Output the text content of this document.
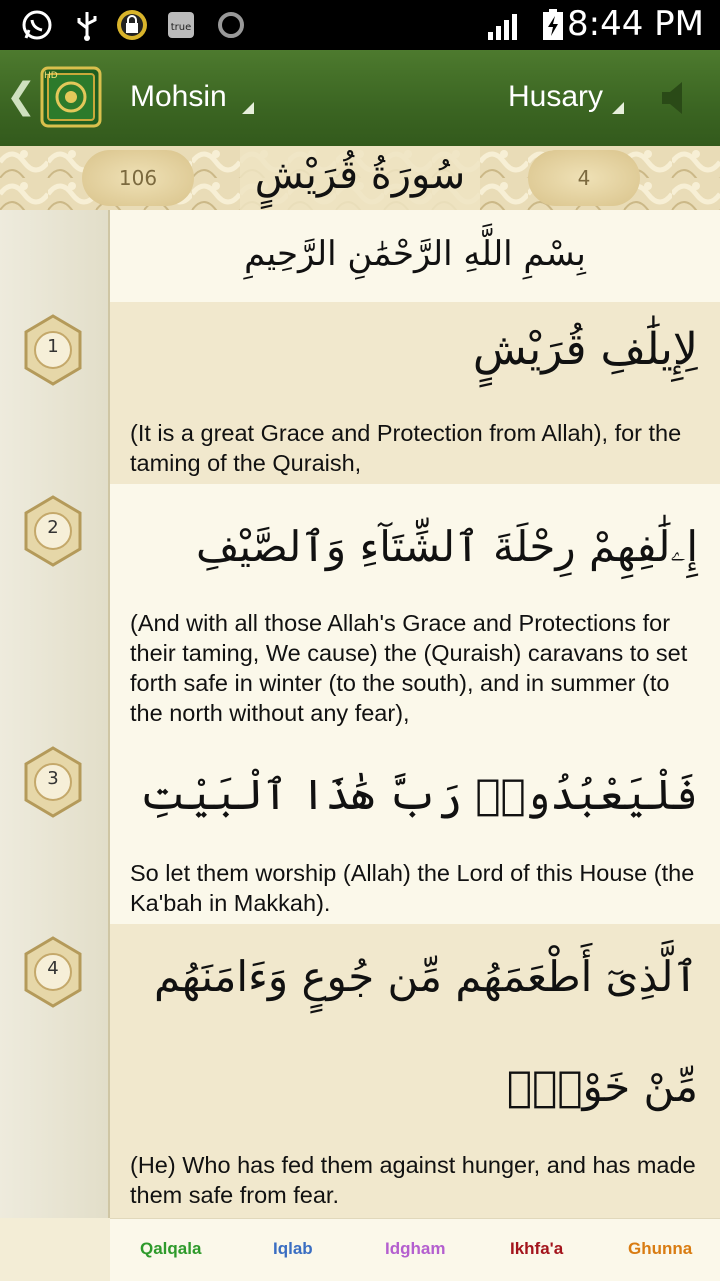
true	8:44 PM
❮ HD
Mohsin	Husary
106	4
سُورَةُ قُرَيْشٍ
1
2
3
4
بِسْمِ اللَّهِ الرَّحْمَٰنِ الرَّحِيمِ
لِإِيلَٰفِ قُرَيْشٍ
(It is a great Grace and Protection from Allah), for the taming of the Quraish,
إِۦلَٰفِهِمْ رِحْلَةَ ٱلشِّتَآءِ وَٱلصَّيْفِ
(And with all those Allah's Grace and Protections for their taming, We cause) the (Quraish) caravans to set forth safe in winter (to the south), and in summer (to the north without any fear),
فَلْيَعْبُدُوا۟ رَبَّ هَٰذَا ٱلْبَيْتِ
So let them worship (Allah) the Lord of this House (the Ka'bah in Makkah).
ٱلَّذِىٓ أَطْعَمَهُم مِّن جُوعٍ وَءَامَنَهُم
مِّنْ خَوْفٍۭ
(He) Who has fed them against hunger, and has made them safe from fear.
Qalqala	Iqlab	Idgham	Ikhfa'a	Ghunna
